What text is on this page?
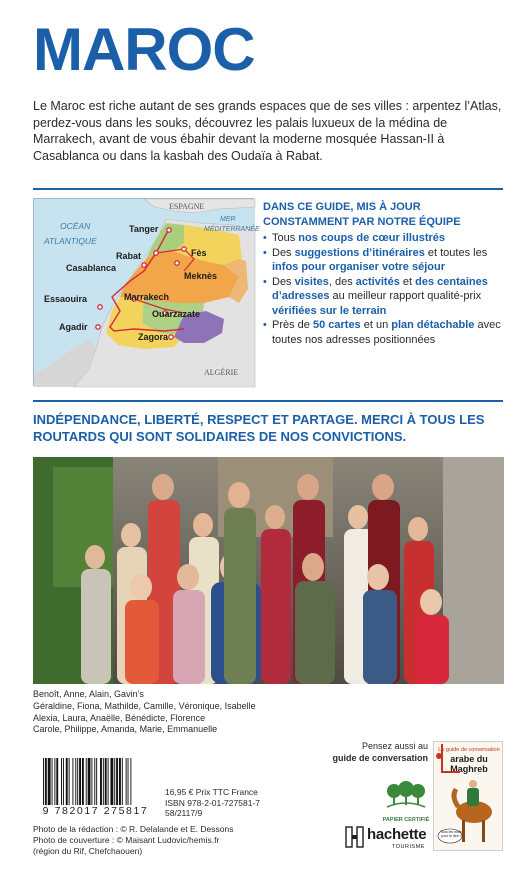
MAROC

Le Maroc est riche autant de ses grands espaces que de ses villes : arpentez l’Atlas, perdez-vous dans les souks, découvrez les palais luxueux de la médina de Marrakech, avant de vous ébahir devant la moderne mosquée Hassan-II à Casablanca ou dans la kasbah des Oudaïa à Rabat.

OCÉAN
ATLANTIQUE
MER
MÉDITERRANÉE
ESPAGNE
ALGÉRIE
Tanger
Rabat	Fès
Casablanca
Meknès
Essaouira	Marrakech
Ouarzazate
Agadir
Zagora
DANS CE GUIDE, MIS À JOUR CONSTAMMENT PAR NOTRE ÉQUIPE
• Tous nos coups de cœur illustrés
• Des suggestions d’itinéraires et toutes les infos pour organiser votre séjour
• Des visites, des activités et des centaines d’adresses au meilleur rapport qualité-prix vérifiées sur le terrain
• Près de 50 cartes et un plan détachable avec toutes nos adresses positionnées
INDÉPENDANCE, LIBERTÉ, RESPECT ET PARTAGE. MERCI À TOUS LES ROUTARDS QUI SONT SOLIDAIRES DE NOS CONVICTIONS.
Benoît, Anne, Alain, Gavin’s
Géraldine, Fiona, Mathilde, Camille, Véronique, Isabelle
Alexia, Laura, Anaëlle, Bénédicte, Florence
Carole, Philippe, Amanda, Marie, Emmanuelle
9 782017 275817
16,95 € Prix TTC France
ISBN 978-2-01-727581-7
58/2117/9
Photo de la rédaction : © R. Delalande et E. Dessons
Photo de couverture : © Maisant Ludovic/hemis.fr
(région du Rif, Chefchaouen)
Pensez aussi au
guide de conversation
PAPIER CERTIFIÉ
hachette
TOURISME
Le guide de conversation
arabe du Maghreb
Tous les mots pour le dire !
